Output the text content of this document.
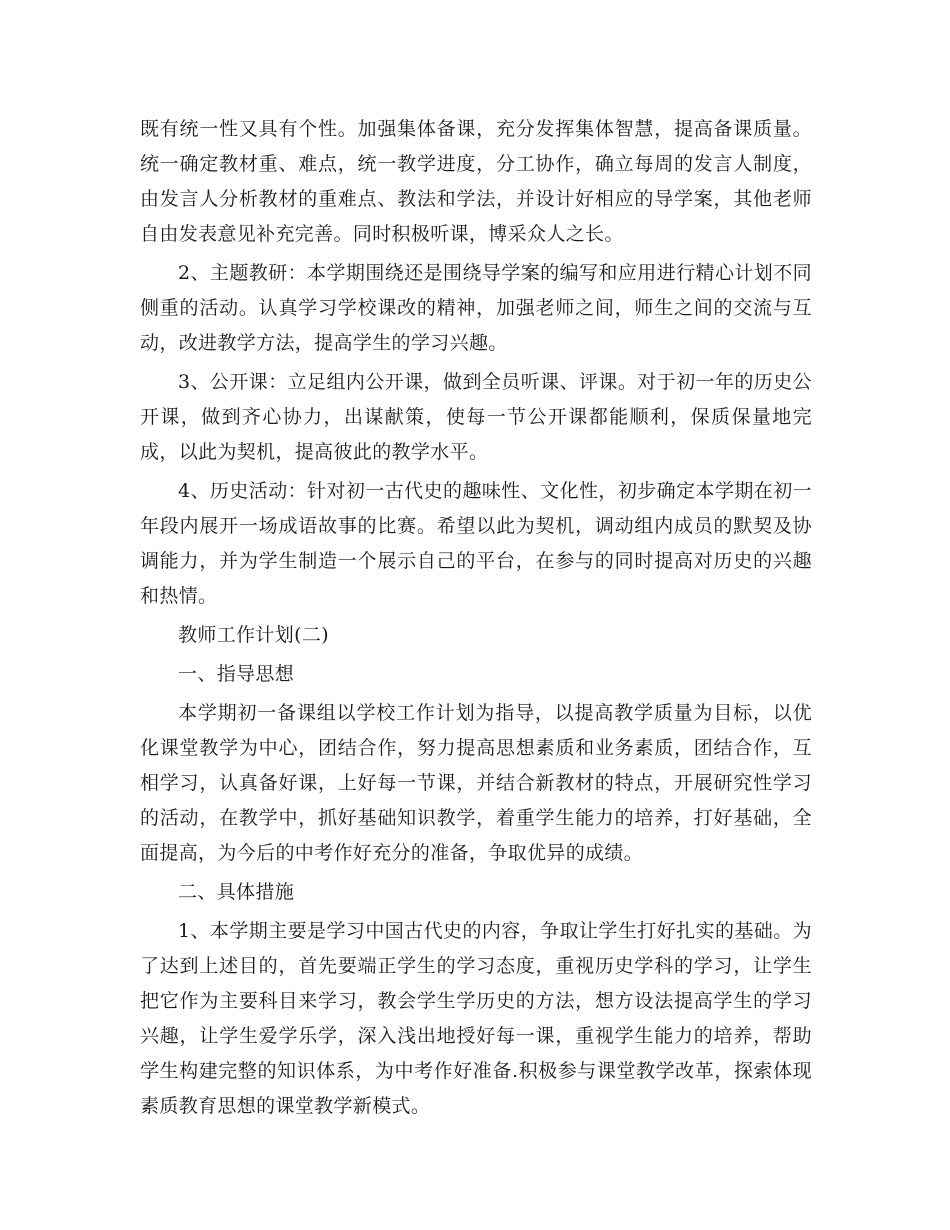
既有统一性又具有个性。加强集体备课，充分发挥集体智慧，提高备课质量。统一确定教材重、难点，统一教学进度，分工协作，确立每周的发言人制度，由发言人分析教材的重难点、教法和学法，并设计好相应的导学案，其他老师自由发表意见补充完善。同时积极听课，博采众人之长。

2、主题教研：本学期围绕还是围绕导学案的编写和应用进行精心计划不同侧重的活动。认真学习学校课改的精神，加强老师之间，师生之间的交流与互动，改进教学方法，提高学生的学习兴趣。

3、公开课：立足组内公开课，做到全员听课、评课。对于初一年的历史公开课，做到齐心协力，出谋献策，使每一节公开课都能顺利，保质保量地完成，以此为契机，提高彼此的教学水平。

4、历史活动：针对初一古代史的趣味性、文化性，初步确定本学期在初一年段内展开一场成语故事的比赛。希望以此为契机，调动组内成员的默契及协调能力，并为学生制造一个展示自己的平台，在参与的同时提高对历史的兴趣和热情。

教师工作计划(二)

一、指导思想

本学期初一备课组以学校工作计划为指导，以提高教学质量为目标，以优化课堂教学为中心，团结合作，努力提高思想素质和业务素质，团结合作，互相学习，认真备好课，上好每一节课，并结合新教材的特点，开展研究性学习的活动，在教学中，抓好基础知识教学，着重学生能力的培养，打好基础，全面提高，为今后的中考作好充分的准备，争取优异的成绩。

二、具体措施

1、本学期主要是学习中国古代史的内容，争取让学生打好扎实的基础。为了达到上述目的，首先要端正学生的学习态度，重视历史学科的学习，让学生把它作为主要科目来学习，教会学生学历史的方法，想方设法提高学生的学习兴趣，让学生爱学乐学，深入浅出地授好每一课，重视学生能力的培养，帮助学生构建完整的知识体系，为中考作好准备.积极参与课堂教学改革，探索体现素质教育思想的课堂教学新模式。
